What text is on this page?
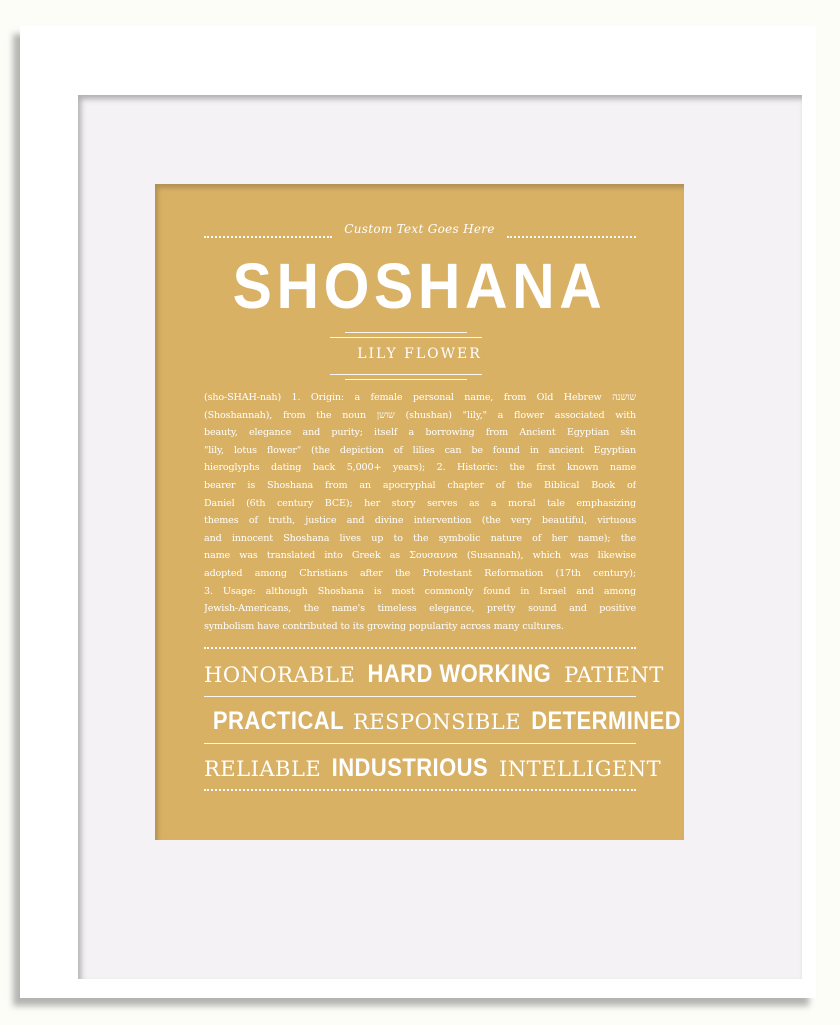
Custom Text Goes Here
SHOSHANA
LILY FLOWER
(sho-SHAH-nah) 1. Origin: a female personal name, from Old Hebrew שושנה
(Shoshannah), from the noun שושן (shushan) "lily," a flower associated with
beauty, elegance and purity; itself a borrowing from Ancient Egyptian sšn
"lily, lotus flower" (the depiction of lilies can be found in ancient Egyptian
hieroglyphs dating back 5,000+ years); 2. Historic: the first known name
bearer is Shoshana from an apocryphal chapter of the Biblical Book of
Daniel (6th century BCE); her story serves as a moral tale emphasizing
themes of truth, justice and divine intervention (the very beautiful, virtuous
and innocent Shoshana lives up to the symbolic nature of her name); the
name was translated into Greek as Σουσαννα (Susannah), which was likewise
adopted among Christians after the Protestant Reformation (17th century);
3. Usage: although Shoshana is most commonly found in Israel and among
Jewish-Americans, the name's timeless elegance, pretty sound and positive
symbolism have contributed to its growing popularity across many cultures.
HONORABLE HARD WORKING PATIENT
PRACTICAL RESPONSIBLE DETERMINED
RELIABLE INDUSTRIOUS INTELLIGENT
